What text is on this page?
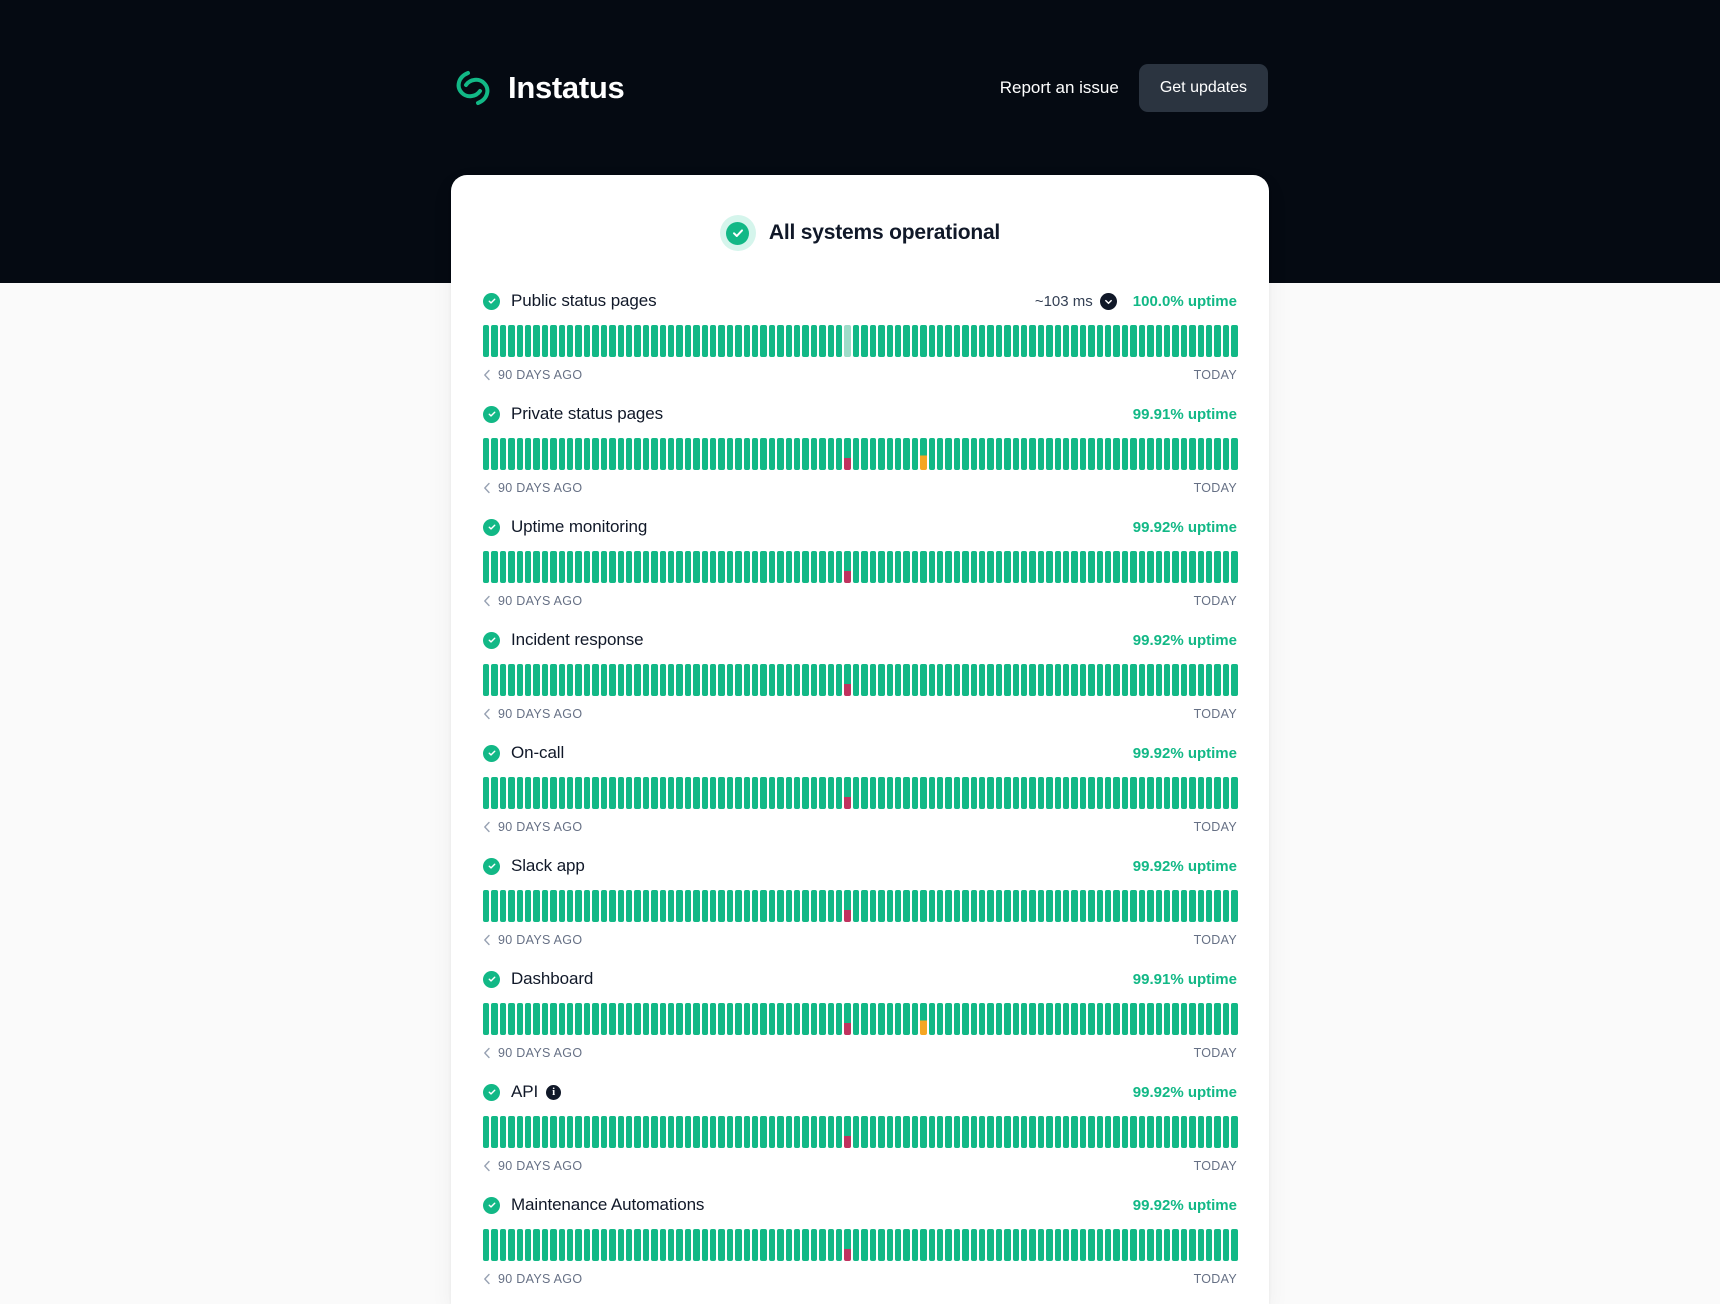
Instatus	Report an issue	Get updates
All systems operational
Public status pages	~103 ms	100.0% uptime
90 DAYS AGO	TODAY
Private status pages	99.91% uptime
90 DAYS AGO	TODAY
Uptime monitoring	99.92% uptime
90 DAYS AGO	TODAY
Incident response	99.92% uptime
90 DAYS AGO	TODAY
On-call	99.92% uptime
90 DAYS AGO	TODAY
Slack app	99.92% uptime
90 DAYS AGO	TODAY
Dashboard	99.91% uptime
90 DAYS AGO	TODAY
API	i	99.92% uptime
90 DAYS AGO	TODAY
Maintenance Automations	99.92% uptime
90 DAYS AGO	TODAY
